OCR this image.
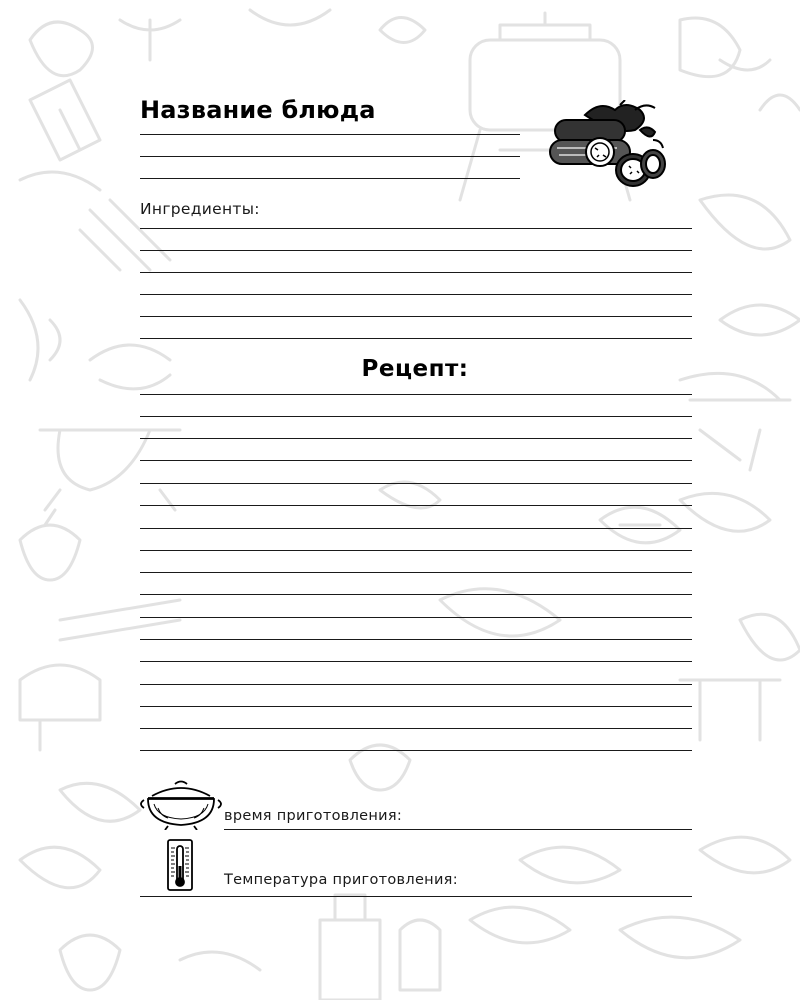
Название блюда
Ингредиенты:
Рецепт:
время приготовления:
Температура приготовления:
